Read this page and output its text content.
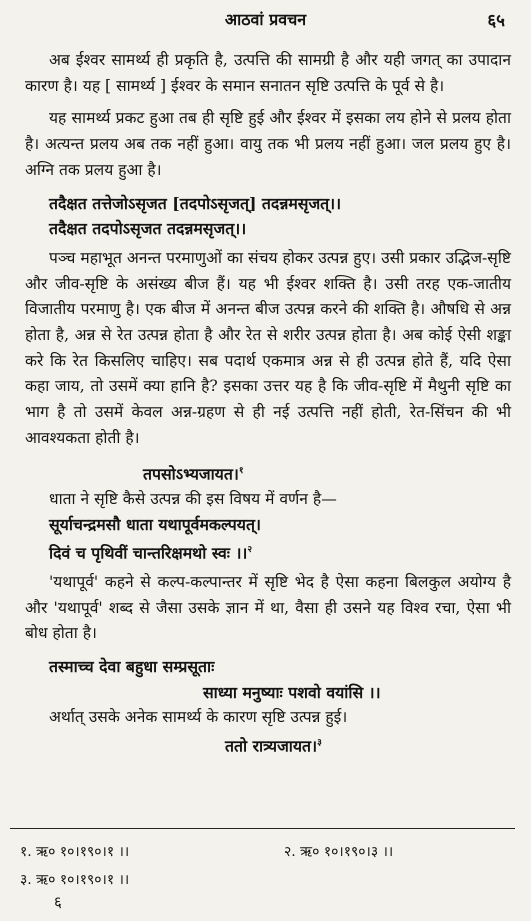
आठवां प्रवचन	६५

अब ईश्वर सामर्थ्य ही प्रकृति है, उत्पत्ति की सामग्री है और यही जगत् का उपादान कारण है। यह [ सामर्थ्य ] ईश्वर के समान सनातन सृष्टि उत्पत्ति के पूर्व से है।

यह सामर्थ्य प्रकट हुआ तब ही सृष्टि हुई और ईश्वर में इसका लय होने से प्रलय होता है। अत्यन्त प्रलय अब तक नहीं हुआ। वायु तक भी प्रलय नहीं हुआ। जल प्रलय हुए है। अग्नि तक प्रलय हुआ है।

तदैक्षत तत्तेजोऽसृजत [तदपोऽसृजत्] तदन्नमसृजत्।।

तदैक्षत तदपोऽसृजत तदन्नमसृजत्।।

पञ्च महाभूत अनन्त परमाणुओं का संचय होकर उत्पन्न हुए। उसी प्रकार उद्भिज-सृष्टि और जीव-सृष्टि के असंख्य बीज हैं। यह भी ईश्वर शक्ति है। उसी तरह एक-जातीय विजातीय परमाणु है। एक बीज में अनन्त बीज उत्पन्न करने की शक्ति है। औषधि से अन्न होता है, अन्न से रेत उत्पन्न होता है और रेत से शरीर उत्पन्न होता है। अब कोई ऐसी शङ्का करे कि रेत किसलिए चाहिए। सब पदार्थ एकमात्र अन्न से ही उत्पन्न होते हैं, यदि ऐसा कहा जाय, तो उसमें क्या हानि है? इसका उत्तर यह है कि जीव-सृष्टि में मैथुनी सृष्टि का भाग है तो उसमें केवल अन्न-ग्रहण से ही नई उत्पत्ति नहीं होती, रेत-सिंचन की भी आवश्यकता होती है।

तपसोऽभ्यजायत।$^१$

धाता ने सृष्टि कैसे उत्पन्न की इस विषय में वर्णन है—

सूर्याचन्द्रमसौ धाता यथापूर्वमकल्पयत्।

दिवं च पृथिवीं चान्तरिक्षमथो स्वः ।।$^२$

'यथापूर्व' कहने से कल्प-कल्पान्तर में सृष्टि भेद है ऐसा कहना बिलकुल अयोग्य है और 'यथापूर्व' शब्द से जैसा उसके ज्ञान में था, वैसा ही उसने यह विश्व रचा, ऐसा भी बोध होता है।

तस्माच्च देवा बहुधा सम्प्रसूताः

साध्या मनुष्याः पशवो वयांसि ।।

अर्थात् उसके अनेक सामर्थ्य के कारण सृष्टि उत्पन्न हुई।

ततो रात्र्यजायत।$^३$

१. ऋ० १०।१९०।१ ।।	२. ऋ० १०।१९०।३ ।।
३. ऋ० १०।१९०।१ ।।
६
